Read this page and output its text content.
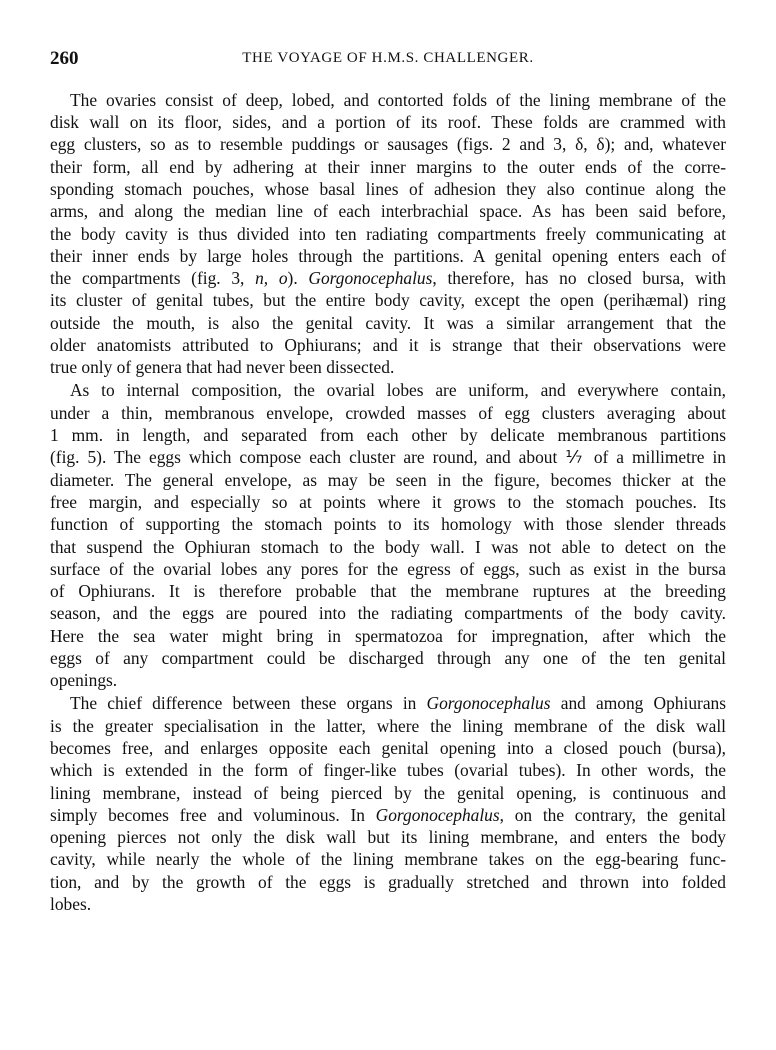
260	THE VOYAGE OF H.M.S. CHALLENGER.
The ovaries consist of deep, lobed, and contorted folds of the lining membrane of the
disk wall on its floor, sides, and a portion of its roof. These folds are crammed with
egg clusters, so as to resemble puddings or sausages (figs. 2 and 3, δ, δ); and, whatever
their form, all end by adhering at their inner margins to the outer ends of the corre-
sponding stomach pouches, whose basal lines of adhesion they also continue along the
arms, and along the median line of each interbrachial space. As has been said before,
the body cavity is thus divided into ten radiating compartments freely communicating at
their inner ends by large holes through the partitions. A genital opening enters each of
the compartments (fig. 3, n, o). Gorgonocephalus, therefore, has no closed bursa, with
its cluster of genital tubes, but the entire body cavity, except the open (perihæmal) ring
outside the mouth, is also the genital cavity. It was a similar arrangement that the
older anatomists attributed to Ophiurans; and it is strange that their observations were
true only of genera that had never been dissected.
As to internal composition, the ovarial lobes are uniform, and everywhere contain,
under a thin, membranous envelope, crowded masses of egg clusters averaging about
1 mm. in length, and separated from each other by delicate membranous partitions
(fig. 5). The eggs which compose each cluster are round, and about ⅐ of a millimetre in
diameter. The general envelope, as may be seen in the figure, becomes thicker at the
free margin, and especially so at points where it grows to the stomach pouches. Its
function of supporting the stomach points to its homology with those slender threads
that suspend the Ophiuran stomach to the body wall. I was not able to detect on the
surface of the ovarial lobes any pores for the egress of eggs, such as exist in the bursa
of Ophiurans. It is therefore probable that the membrane ruptures at the breeding
season, and the eggs are poured into the radiating compartments of the body cavity.
Here the sea water might bring in spermatozoa for impregnation, after which the
eggs of any compartment could be discharged through any one of the ten genital
openings.
The chief difference between these organs in Gorgonocephalus and among Ophiurans
is the greater specialisation in the latter, where the lining membrane of the disk wall
becomes free, and enlarges opposite each genital opening into a closed pouch (bursa),
which is extended in the form of finger-like tubes (ovarial tubes). In other words, the
lining membrane, instead of being pierced by the genital opening, is continuous and
simply becomes free and voluminous. In Gorgonocephalus, on the contrary, the genital
opening pierces not only the disk wall but its lining membrane, and enters the body
cavity, while nearly the whole of the lining membrane takes on the egg-bearing func-
tion, and by the growth of the eggs is gradually stretched and thrown into folded
lobes.
